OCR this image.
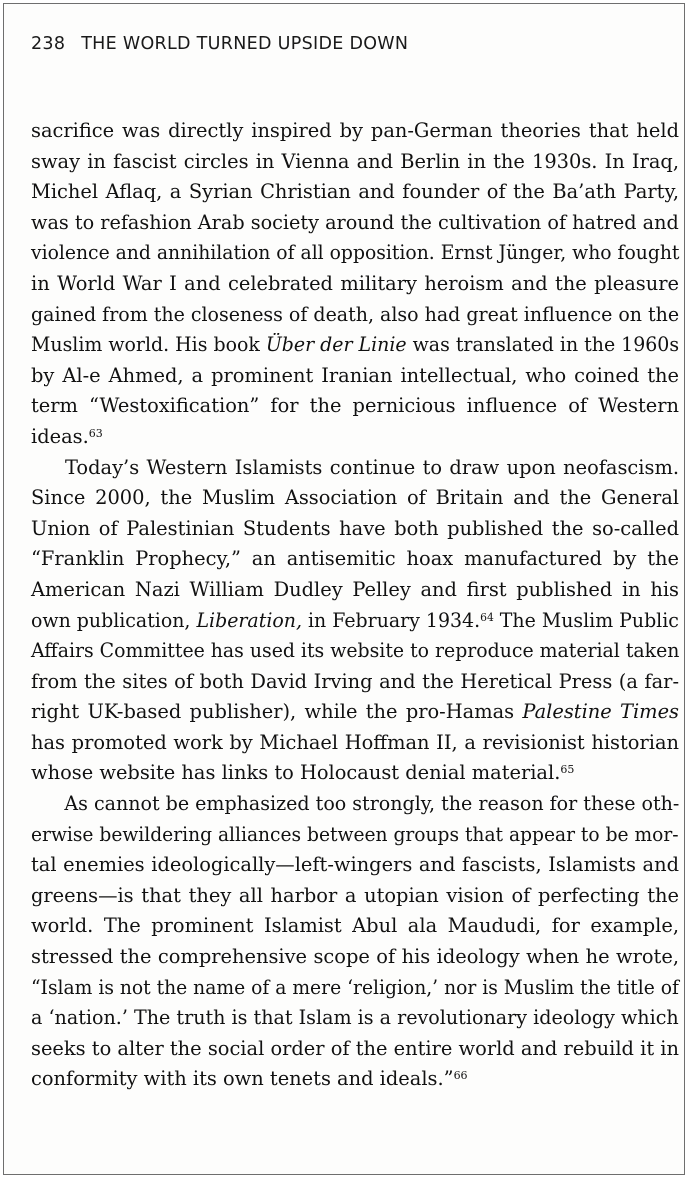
238 THE WORLD TURNED UPSIDE DOWN
sacrifice was directly inspired by pan-German theories that held
sway in fascist circles in Vienna and Berlin in the 1930s. In Iraq,
Michel Aflaq, a Syrian Christian and founder of the Ba’ath Party,
was to refashion Arab society around the cultivation of hatred and
violence and annihilation of all opposition. Ernst Jünger, who fought
in World War I and celebrated military heroism and the pleasure
gained from the closeness of death, also had great influence on the
Muslim world. His book Über der Linie was translated in the 1960s
by Al-e Ahmed, a prominent Iranian intellectual, who coined the
term “Westoxification” for the pernicious influence of Western
ideas.$^{63}$
Today’s Western Islamists continue to draw upon neofascism.
Since 2000, the Muslim Association of Britain and the General
Union of Palestinian Students have both published the so-called
“Franklin Prophecy,” an antisemitic hoax manufactured by the
American Nazi William Dudley Pelley and first published in his
own publication, Liberation, in February 1934.64 The Muslim Public
Affairs Committee has used its website to reproduce material taken
from the sites of both David Irving and the Heretical Press (a far-
right UK-based publisher), while the pro-Hamas Palestine Times
has promoted work by Michael Hoffman II, a revisionist historian
whose website has links to Holocaust denial material.$^{65}$
As cannot be emphasized too strongly, the reason for these oth-
erwise bewildering alliances between groups that appear to be mor-
tal enemies ideologically—left-wingers and fascists, Islamists and
greens—is that they all harbor a utopian vision of perfecting the
world. The prominent Islamist Abul ala Maududi, for example,
stressed the comprehensive scope of his ideology when he wrote,
“Islam is not the name of a mere ‘religion,’ nor is Muslim the title of
a ‘nation.’ The truth is that Islam is a revolutionary ideology which
seeks to alter the social order of the entire world and rebuild it in
conformity with its own tenets and ideals.”$^{66}$
